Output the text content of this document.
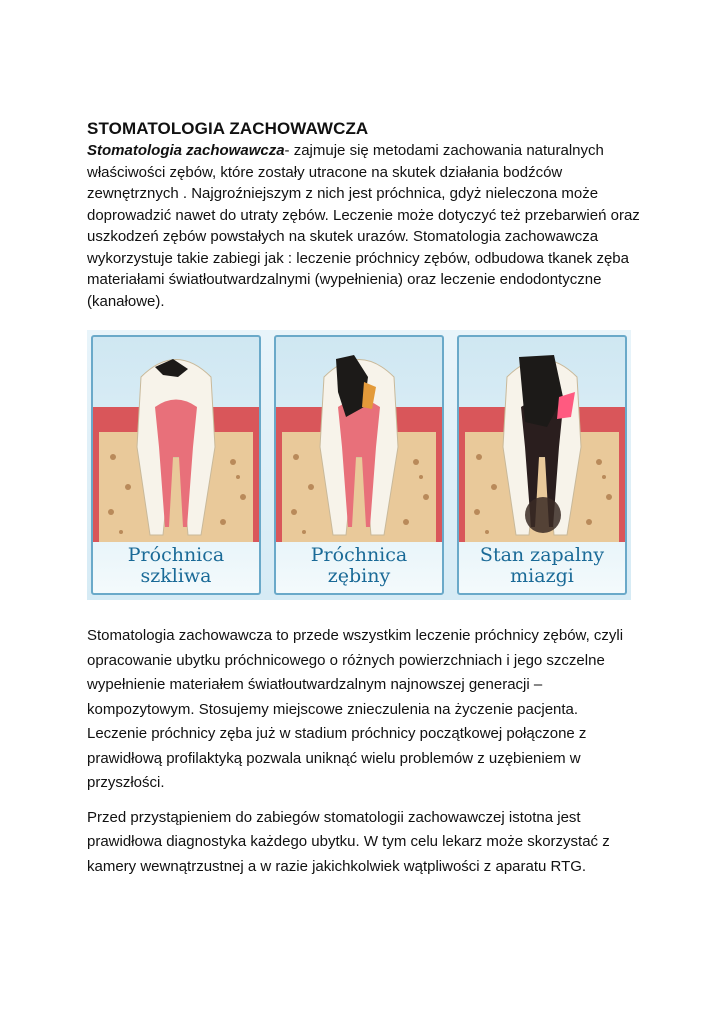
STOMATOLOGIA ZACHOWAWCZA

Stomatologia zachowawcza- zajmuje się metodami zachowania naturalnych właściwości zębów, które zostały utracone na skutek działania bodźców zewnętrznych . Najgroźniejszym z nich jest próchnica, gdyż nieleczona może doprowadzić nawet do utraty zębów. Leczenie może dotyczyć też przebarwień oraz uszkodzeń zębów powstałych na skutek urazów. Stomatologia zachowawcza wykorzystuje takie zabiegi jak : leczenie próchnicy zębów, odbudowa tkanek zęba materiałami światłoutwardzalnymi (wypełnienia) oraz leczenie endodontyczne (kanałowe).

Próchnica
szkliwa
Próchnica
zębiny
Stan zapalny
miazgi

Stomatologia zachowawcza to przede wszystkim leczenie próchnicy zębów, czyli opracowanie ubytku próchnicowego o różnych powierzchniach i jego szczelne wypełnienie materiałem światłoutwardzalnym najnowszej generacji – kompozytowym. Stosujemy miejscowe znieczulenia na życzenie pacjenta. Leczenie próchnicy zęba już w stadium próchnicy początkowej połączone z prawidłową profilaktyką pozwala uniknąć wielu problemów z uzębieniem w przyszłości.

Przed przystąpieniem do zabiegów stomatologii zachowawczej istotna jest prawidłowa diagnostyka każdego ubytku. W tym celu lekarz może skorzystać z kamery wewnątrzustnej a w razie jakichkolwiek wątpliwości z aparatu RTG.
